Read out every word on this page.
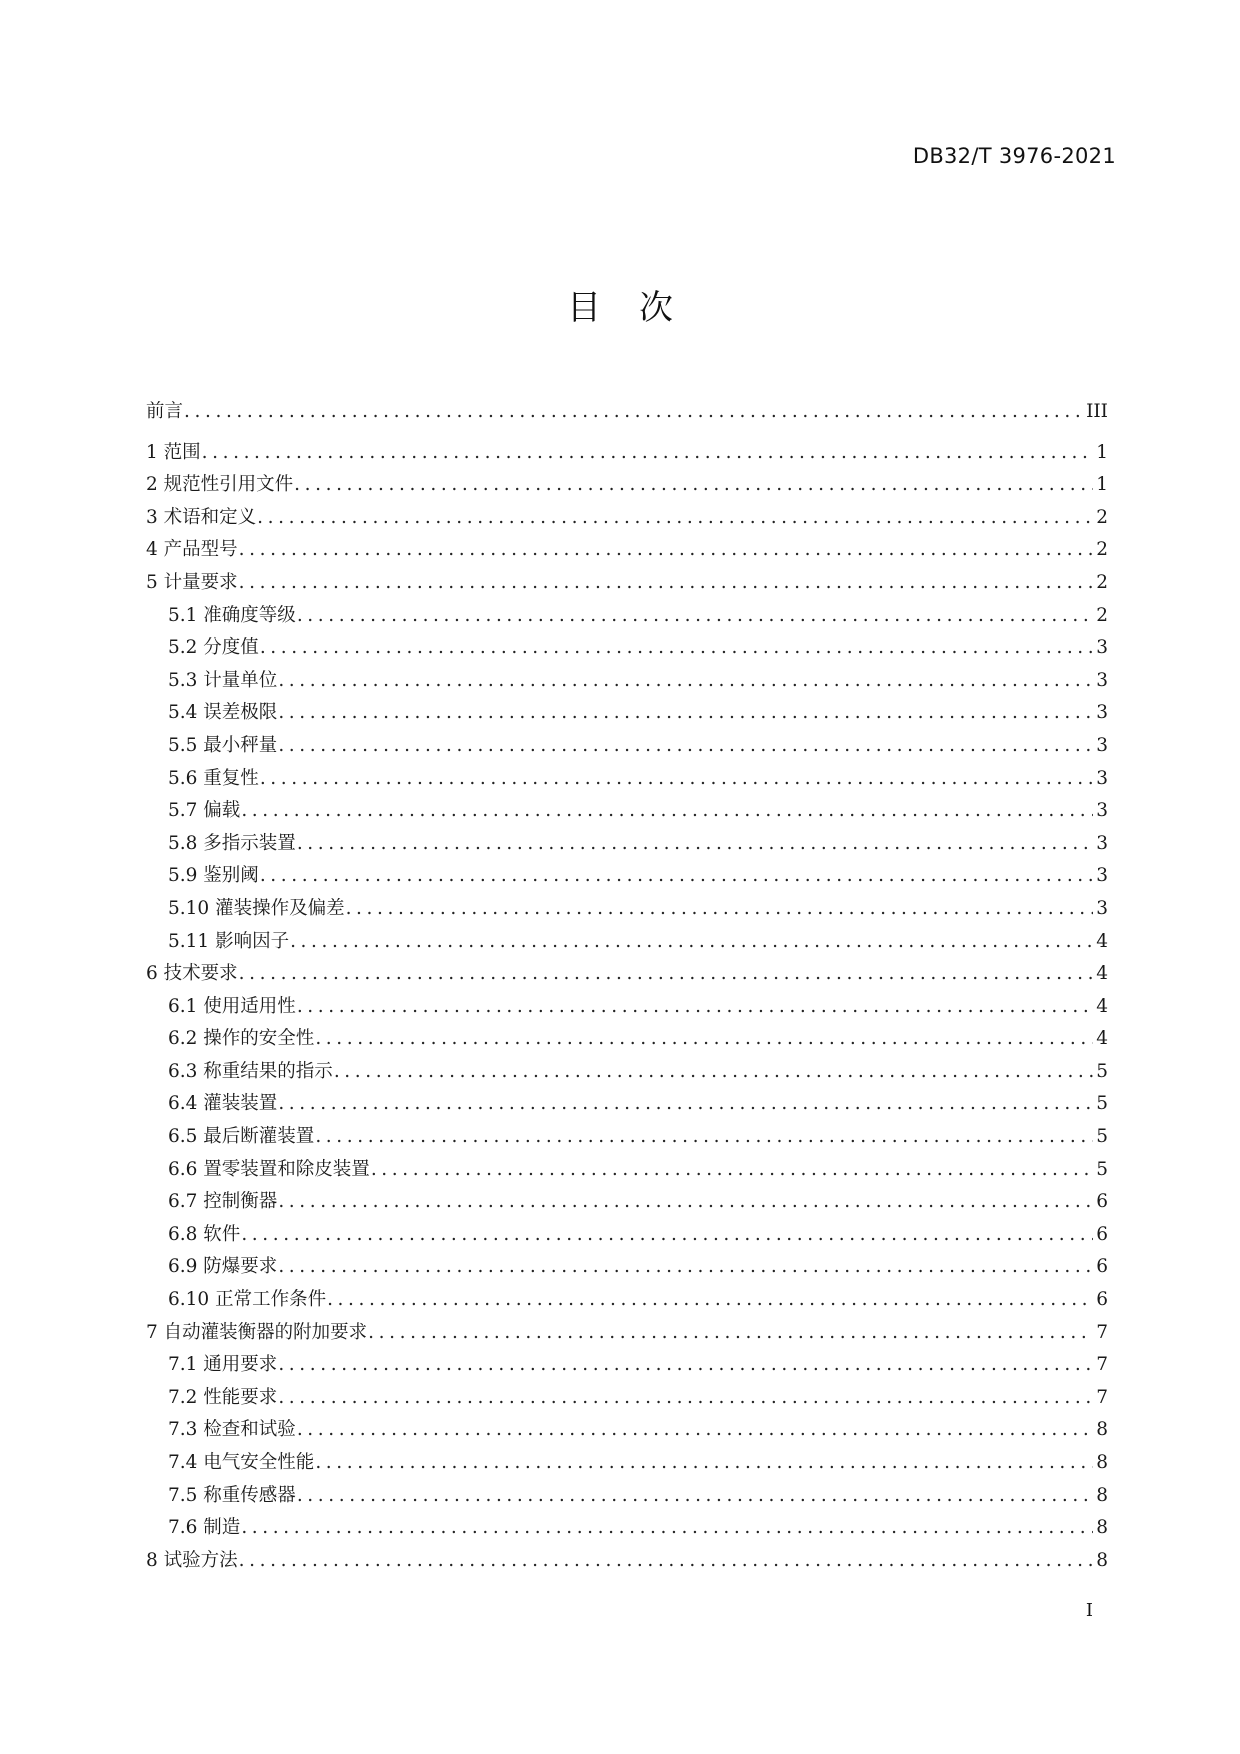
DB32/T 3976-2021
目次
前言 .....	III
1 范围 .....	1
2 规范性引用文件 .....	1
3 术语和定义 .....	2
4 产品型号 .....	2
5 计量要求 .....	2
5.1 准确度等级 .....	2
5.2 分度值 .....	3
5.3 计量单位 .....	3
5.4 误差极限 .....	3
5.5 最小秤量 .....	3
5.6 重复性 .....	3
5.7 偏载 .....	3
5.8 多指示装置 .....	3
5.9 鉴别阈 .....	3
5.10 灌装操作及偏差 .....	3
5.11 影响因子 .....	4
6 技术要求 .....	4
6.1 使用适用性 .....	4
6.2 操作的安全性 .....	4
6.3 称重结果的指示 .....	5
6.4 灌装装置 .....	5
6.5 最后断灌装置 .....	5
6.6 置零装置和除皮装置 .....	5
6.7 控制衡器 .....	6
6.8 软件 .....	6
6.9 防爆要求 .....	6
6.10 正常工作条件 .....	6
7 自动灌装衡器的附加要求 .....	7
7.1 通用要求 .....	7
7.2 性能要求 .....	7
7.3 检查和试验 .....	8
7.4 电气安全性能 .....	8
7.5 称重传感器 .....	8
7.6 制造 .....	8
8 试验方法 .....	8
I
